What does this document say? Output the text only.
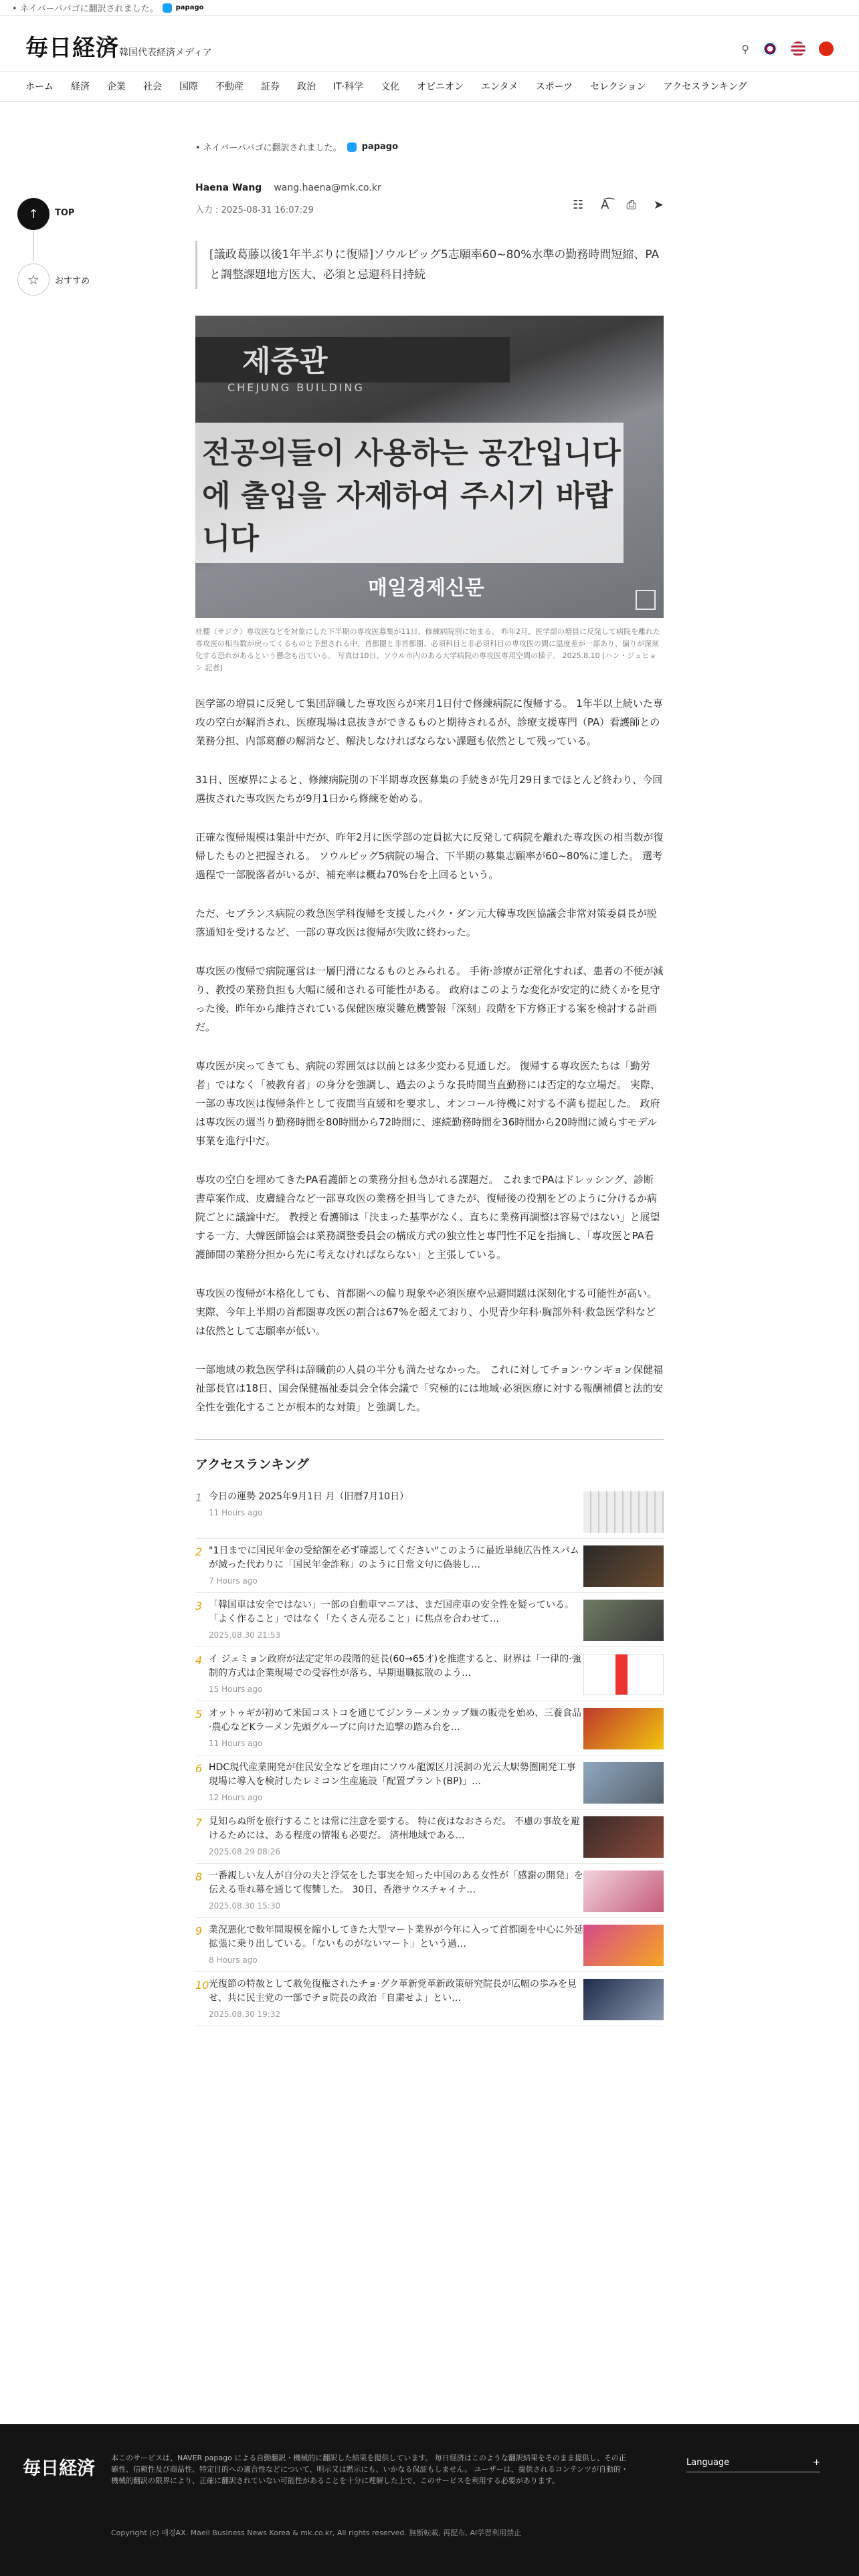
• ネイバーパパゴに翻訳されました。	papago
毎日経済 韓国代表経済メディア	⚲
ホーム 経済 企業 社会 国際 不動産 証券 政治 IT·科学 文化 オピニオン エンタメ スポーツ セレクション アクセスランキング
↑ TOP
☆ おすすめ
• ネイバーパパゴに翻訳されました。 papago
Haena Wang wang.haena@mk.co.kr
入力 : 2025-08-31 16:07:29	☷ A͡ ⎙ ➤
[議政葛藤以後1年半ぶりに復帰]ソウルビッグ5志願率60~80%水準の勤務時間短縮、PAと調整課題地方医大、必須と忌避科目持続
제중관
CHEJUNG BUILDING
전공의들이 사용하는 공간입니다
에 출입을 자제하여 주시기 바랍니다
매일경제신문
社櫻（サジク）専攻医などを対象にした下半期の専攻医募集が11日、修練病院別に始まる。 昨年2月、医学部の増員に反発して病院を離れた専攻医の相当数が戻ってくるものと予想される中、首都圏と非首都圏、必須科目と非必須科目の専攻医の間に温度差が一部あり、偏りが深刻化する恐れがあるという懸念も出ている。 写真は10日、ソウル市内のある大学病院の専攻医専用空間の様子。 2025.8.10 [ハン・ジュヒョン 記者]

医学部の増員に反発して集団辞職した専攻医らが来月1日付で修練病院に復帰する。 1年半以上続いた専攻の空白が解消され、医療現場は息抜きができるものと期待されるが、診療支援専門（PA）看護師との業務分担、内部葛藤の解消など、解決しなければならない課題も依然として残っている。

31日、医療界によると、修練病院別の下半期専攻医募集の手続きが先月29日までほとんど終わり、今回選抜された専攻医たちが9月1日から修練を始める。

正確な復帰規模は集計中だが、昨年2月に医学部の定員拡大に反発して病院を離れた専攻医の相当数が復帰したものと把握される。 ソウルビッグ5病院の場合、下半期の募集志願率が60~80%に達した。 選考過程で一部脱落者がいるが、補充率は概ね70%台を上回るという。

ただ、セブランス病院の救急医学科復帰を支援したパク・ダン元大韓専攻医協議会非常対策委員長が脱落通知を受けるなど、一部の専攻医は復帰が失敗に終わった。

専攻医の復帰で病院運営は一層円滑になるものとみられる。 手術·診療が正常化すれば、患者の不便が減り、教授の業務負担も大幅に緩和される可能性がある。 政府はこのような変化が安定的に続くかを見守った後、昨年から維持されている保健医療災難危機警報「深刻」段階を下方修正する案を検討する計画だ。

専攻医が戻ってきても、病院の雰囲気は以前とは多少変わる見通しだ。 復帰する専攻医たちは「勤労者」ではなく「被教育者」の身分を強調し、過去のような長時間当直勤務には否定的な立場だ。 実際、一部の専攻医は復帰条件として夜間当直緩和を要求し、オンコール待機に対する不満も提起した。 政府は専攻医の週当り勤務時間を80時間から72時間に、連続勤務時間を36時間から20時間に減らすモデル事業を進行中だ。

専攻の空白を埋めてきたPA看護師との業務分担も急がれる課題だ。 これまでPAはドレッシング、診断書草案作成、皮膚縫合など一部専攻医の業務を担当してきたが、復帰後の役割をどのように分けるか病院ごとに議論中だ。 教授と看護師は「決まった基準がなく、直ちに業務再調整は容易ではない」と展望する一方、大韓医師協会は業務調整委員会の構成方式の独立性と専門性不足を指摘し、「専攻医とPA看護師間の業務分担から先に考えなければならない」と主張している。

専攻医の復帰が本格化しても、首都圏への偏り現象や必須医療や忌避問題は深刻化する可能性が高い。 実際、今年上半期の首都圏専攻医の割合は67%を超えており、小児青少年科·胸部外科·救急医学科などは依然として志願率が低い。

一部地域の救急医学科は辞職前の人員の半分も満たせなかった。 これに対してチョン·ウンギョン保健福祉部長官は18日、国会保健福祉委員会全体会議で「究極的には地域·必須医療に対する報酬補償と法的安全性を強化することが根本的な対策」と強調した。

アクセスランキング
1 今日の運勢 2025年9月1日 月（旧暦7月10日）
11 Hours ago
2 "1日までに国民年金の受給額を必ず確認してください"このように最近単純広告性スパムが減った代わりに「国民年金詐称」のように日常文句に偽装し…
7 Hours ago
3 「韓国車は安全ではない」一部の自動車マニアは、まだ国産車の安全性を疑っている。「よく作ること」ではなく「たくさん売ること」に焦点を合わせて…
2025.08.30 21:53
4 イ ジェミョン政府が法定定年の段階的延長(60→65才)を推進すると、財界は「一律的·強制的方式は企業現場での受容性が落ち、早期退職拡散のよう…
15 Hours ago
5 オットゥギが初めて米国コストコを通じてジンラーメンカップ麺の販売を始め、三養食品·農心などKラーメン先頭グループに向けた追撃の踏み台を…
11 Hours ago
6 HDC現代産業開発が住民安全などを理由にソウル龍源区月渓洞の光云大駅勢圏開発工事現場に導入を検討したレミコン生産施設「配置プラント(BP)」…
12 Hours ago
7 見知らぬ所を旅行することは常に注意を要する。 特に夜はなおさらだ。 不慮の事故を避けるためには、ある程度の情報も必要だ。 済州地域である…
2025.08.29 08:26
8 一番親しい友人が自分の夫と浮気をした事実を知った中国のある女性が「感謝の開発」を伝える垂れ幕を通じて復讐した。 30日、香港サウスチャイナ…
2025.08.30 15:30
9 業況悪化で数年間規模を縮小してきた大型マート業界が今年に入って首都圏を中心に外延拡張に乗り出している。「ないものがないマート」という過…
8 Hours ago
10 光復節の特赦として赦免復権されたチョ·グク革新党革新政策研究院長が広幅の歩みを見せ、共に民主党の一部でチョ院長の政治「自粛せよ」とい…
2025.08.30 19:32
毎日経済
本このサービスは、NAVER papago による自動翻訳・機械的に翻訳した結果を提供しています。 毎日経済はこのような翻訳結果をそのまま提供し、その正確性、信頼性及び商品性、特定目的への適合性などについて、明示又は黙示にも、いかなる保証もしません。 ユーザーは、提供されるコンテンツが自動的・機械的翻訳の限界により、正確に翻訳されていない可能性があることを十分に理解した上で、このサービスを利用する必要があります。
Language	+
Copyright (c) 매경AX. Maeil Business News Korea & mk.co.kr, All rights reserved. 無断転載, 再配布, AI学習利用禁止
